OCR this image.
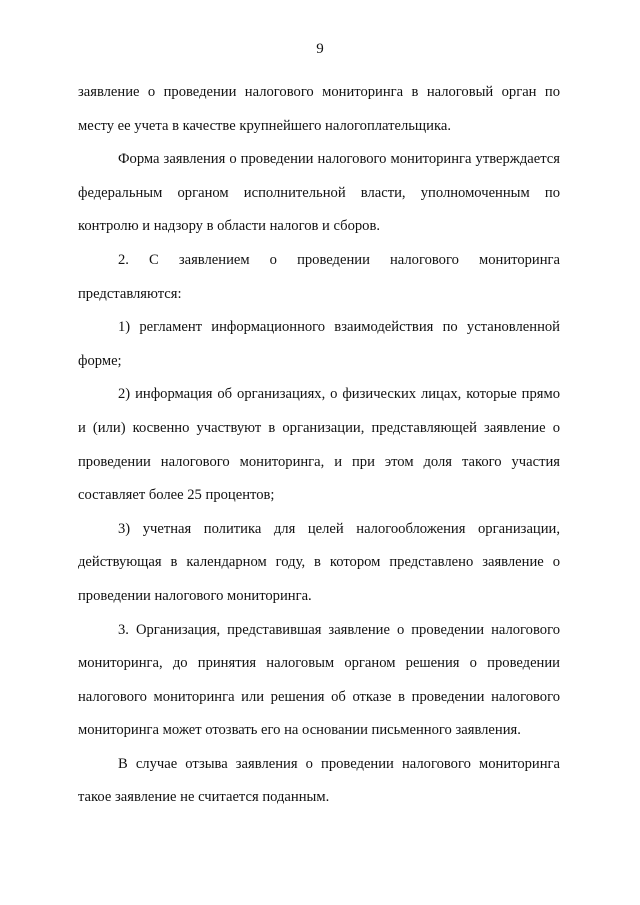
9

заявление о проведении налогового мониторинга в налоговый орган по месту ее учета в качестве крупнейшего налогоплательщика.

Форма заявления о проведении налогового мониторинга утверждается федеральным органом исполнительной власти, уполномоченным по контролю и надзору в области налогов и сборов.

2. С заявлением о проведении налогового мониторинга представляются:

1) регламент информационного взаимодействия по установленной форме;

2) информация об организациях, о физических лицах, которые прямо и (или) косвенно участвуют в организации, представляющей заявление о проведении налогового мониторинга, и при этом доля такого участия составляет более 25 процентов;

3) учетная политика для целей налогообложения организации, действующая в календарном году, в котором представлено заявление о проведении налогового мониторинга.

3. Организация, представившая заявление о проведении налогового мониторинга, до принятия налоговым органом решения о проведении налогового мониторинга или решения об отказе в проведении налогового мониторинга может отозвать его на основании письменного заявления.

В случае отзыва заявления о проведении налогового мониторинга такое заявление не считается поданным.
